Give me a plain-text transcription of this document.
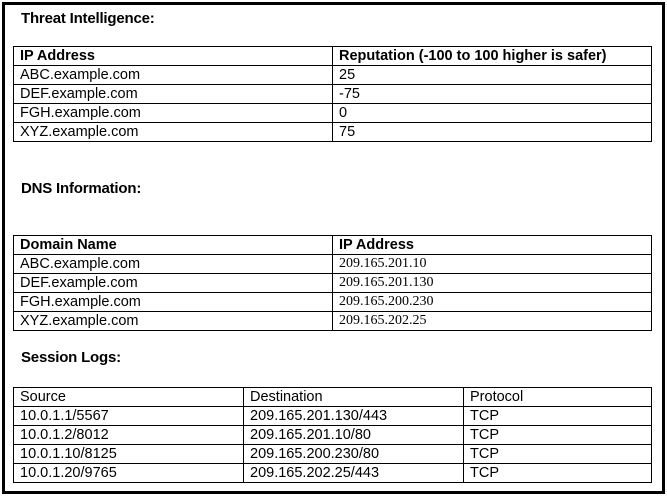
Threat Intelligence:
IP Address	Reputation (-100 to 100 higher is safer)
ABC.example.com	25
DEF.example.com	-75
FGH.example.com	0
XYZ.example.com	75
DNS Information:
Domain Name	IP Address
ABC.example.com	209.165.201.10
DEF.example.com	209.165.201.130
FGH.example.com	209.165.200.230
XYZ.example.com	209.165.202.25
Session Logs:
Source	Destination	Protocol
10.0.1.1/5567	209.165.201.130/443	TCP
10.0.1.2/8012	209.165.201.10/80	TCP
10.0.1.10/8125	209.165.200.230/80	TCP
10.0.1.20/9765	209.165.202.25/443	TCP
